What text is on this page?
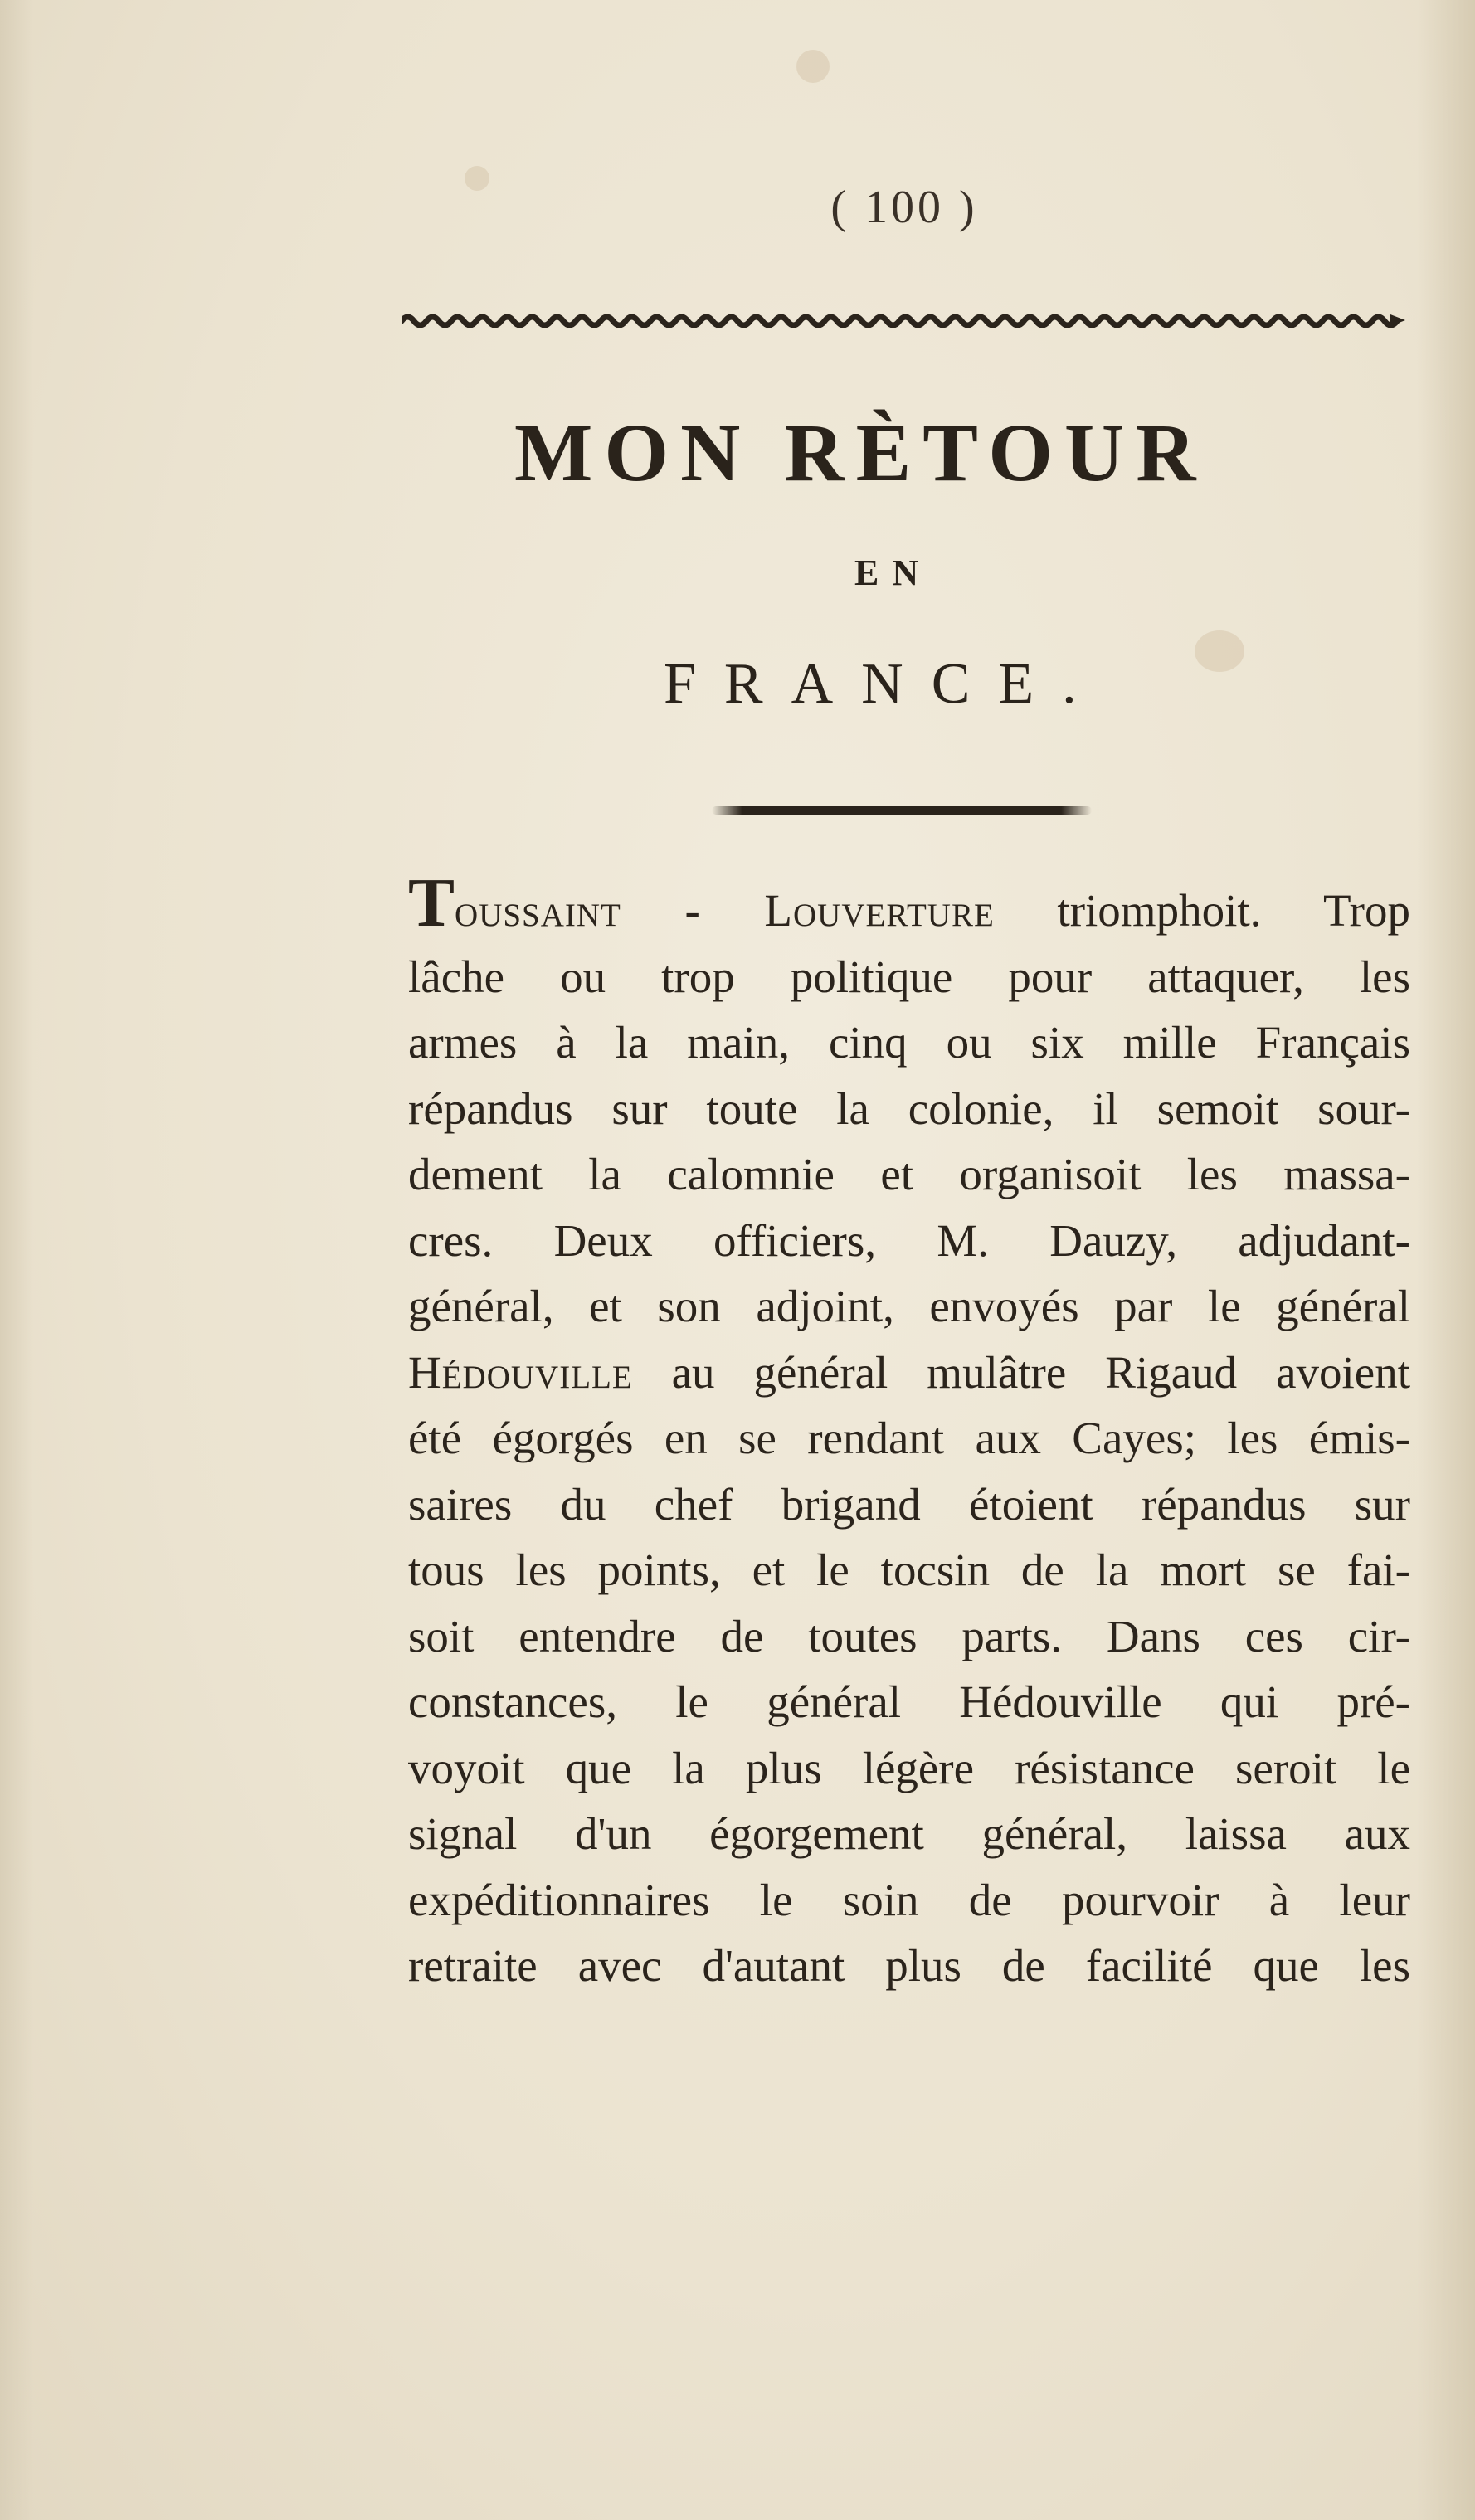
( 100 )
MON RÈTOUR
EN
FRANCE.
Toussaint - Louverture triomphoit. Trop
lâche ou trop politique pour attaquer, les
armes à la main, cinq ou six mille Français
répandus sur toute la colonie, il semoit sour-
dement la calomnie et organisoit les massa-
cres. Deux officiers, M. Dauzy, adjudant-
général, et son adjoint, envoyés par le général
Hédouville au général mulâtre Rigaud avoient
été égorgés en se rendant aux Cayes; les émis-
saires du chef brigand étoient répandus sur
tous les points, et le tocsin de la mort se fai-
soit entendre de toutes parts. Dans ces cir-
constances, le général Hédouville qui pré-
voyoit que la plus légère résistance seroit le
signal d'un égorgement général, laissa aux
expéditionnaires le soin de pourvoir à leur
retraite avec d'autant plus de facilité que les
